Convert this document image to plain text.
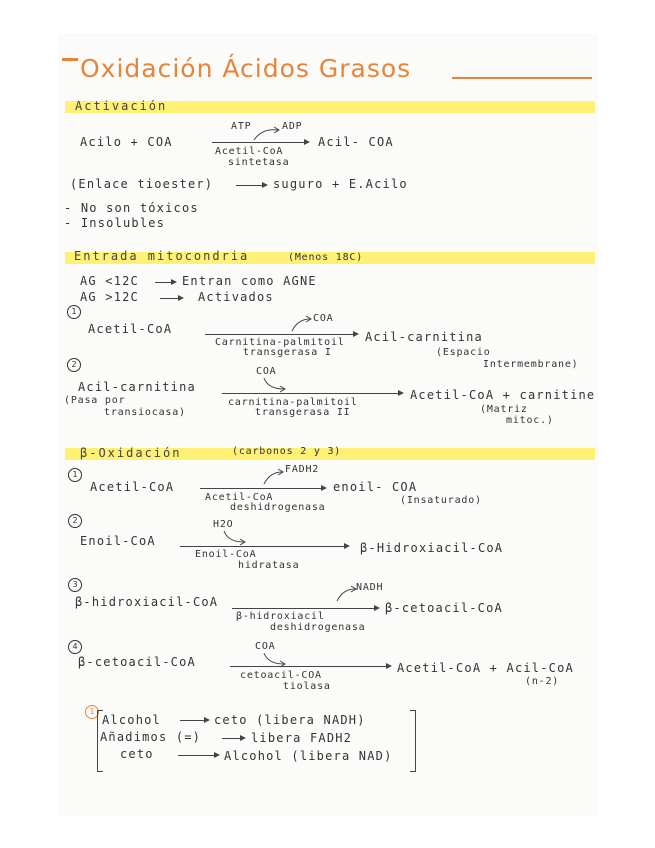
Oxidación Ácidos Grasos
Activación
Acilo + COA
ATP	ADP
Acil- COA
Acetil-CoA
sintetasa
(Enlace tioester) → suguro + E.Acilo
- No son tóxicos
- Insolubles
Entrada mitocondria	(Menos 18C)
AG <12C → Entran como AGNE
AG >12C → Activados
1
Acetil-CoA
COA
Acil-carnitina
Carnitina-palmitoil
transgerasa I	(Espacio
Intermembrane)
2
Acil-carnitina
COA
Acetil-CoA + carnitine
carnitina-palmitoil
transgerasa II
(Pasa por
transiocasa)	(Matriz
mitoc.)
β-Oxidación	(carbonos 2 y 3)
1
Acetil-CoA
FADH2
enoil- COA
Acetil-CoA
deshidrogenasa
(Insaturado)
2
Enoil-CoA
H2O
β-Hidroxiacil-CoA
Enoil-CoA
hidratasa
3
β-hidroxiacil-CoA
NADH
β-cetoacil-CoA
β-hidroxiacil
deshidrogenasa
4
β-cetoacil-CoA
COA
Acetil-CoA + Acil-CoA
cetoacil-COA
tiolasa	(n-2)
1
Alcohol → ceto (libera NADH)
Añadimos (=) → libera FADH2
ceto → Alcohol (libera NAD)
